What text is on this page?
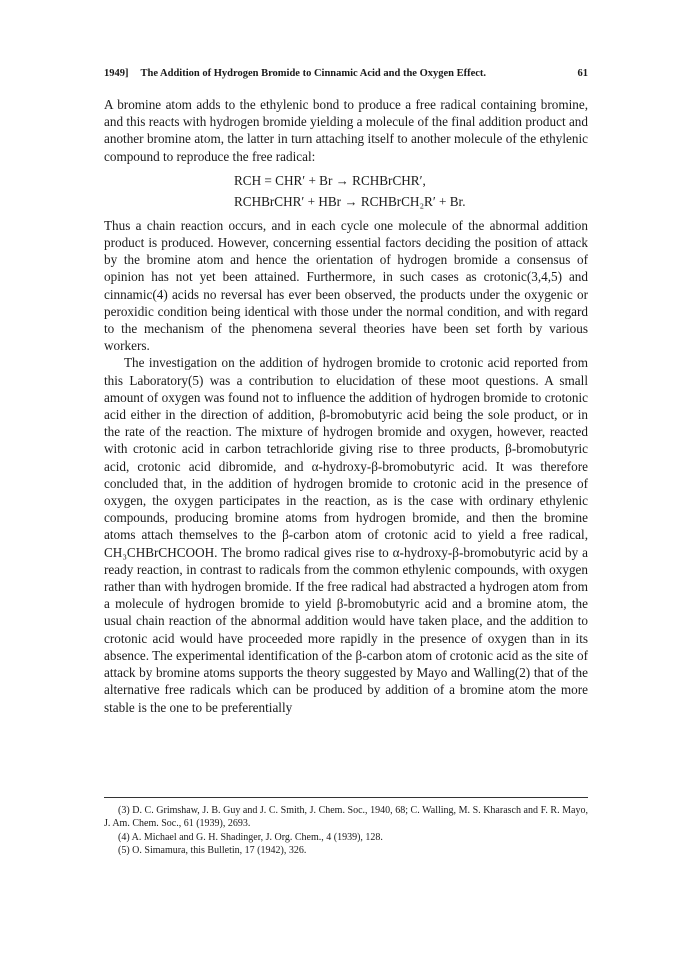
1949]	The Addition of Hydrogen Bromide to Cinnamic Acid and the Oxygen Effect.	61

A bromine atom adds to the ethylenic bond to produce a free radical containing bromine, and this reacts with hydrogen bromide yielding a molecule of the final addition product and another bromine atom, the latter in turn attaching itself to another molecule of the ethylenic compound to reproduce the free radical:

RCH = CHR′ + Br → RCHBrCHR′,
RCHBrCHR′ + HBr → RCHBrCH₂R′ + Br.

Thus a chain reaction occurs, and in each cycle one molecule of the abnormal addition product is produced. However, concerning essential factors deciding the position of attack by the bromine atom and hence the orientation of hydrogen bromide a consensus of opinion has not yet been attained. Furthermore, in such cases as crotonic(3,4,5) and cinnamic(4) acids no reversal has ever been observed, the products under the oxygenic or peroxidic condition being identical with those under the normal condition, and with regard to the mechanism of the phenomena several theories have been set forth by various workers.

The investigation on the addition of hydrogen bromide to crotonic acid reported from this Laboratory(5) was a contribution to elucidation of these moot questions. A small amount of oxygen was found not to influence the addition of hydrogen bromide to crotonic acid either in the direction of addition, β-bromobutyric acid being the sole product, or in the rate of the reaction. The mixture of hydrogen bromide and oxygen, however, reacted with crotonic acid in carbon tetrachloride giving rise to three products, β-bromobutyric acid, crotonic acid dibromide, and α-hydroxy-β-bromobutyric acid. It was therefore concluded that, in the addition of hydrogen bromide to crotonic acid in the presence of oxygen, the oxygen participates in the reaction, as is the case with ordinary ethylenic compounds, producing bromine atoms from hydrogen bromide, and then the bromine atoms attach themselves to the β-carbon atom of crotonic acid to yield a free radical, CH₃CHBrCHCOOH. The bromo radical gives rise to α-hydroxy-β-bromobutyric acid by a ready reaction, in contrast to radicals from the common ethylenic compounds, with oxygen rather than with hydrogen bromide. If the free radical had abstracted a hydrogen atom from a molecule of hydrogen bromide to yield β-bromobutyric acid and a bromine atom, the usual chain reaction of the abnormal addition would have taken place, and the addition to crotonic acid would have proceeded more rapidly in the presence of oxygen than in its absence. The experimental identification of the β-carbon atom of crotonic acid as the site of attack by bromine atoms supports the theory suggested by Mayo and Walling(2) that of the alternative free radicals which can be produced by addition of a bromine atom the more stable is the one to be preferentially

(3) D. C. Grimshaw, J. B. Guy and J. C. Smith, J. Chem. Soc., 1940, 68; C. Walling, M. S. Kharasch and F. R. Mayo, J. Am. Chem. Soc., 61 (1939), 2693.

(4) A. Michael and G. H. Shadinger, J. Org. Chem., 4 (1939), 128.

(5) O. Simamura, this Bulletin, 17 (1942), 326.
